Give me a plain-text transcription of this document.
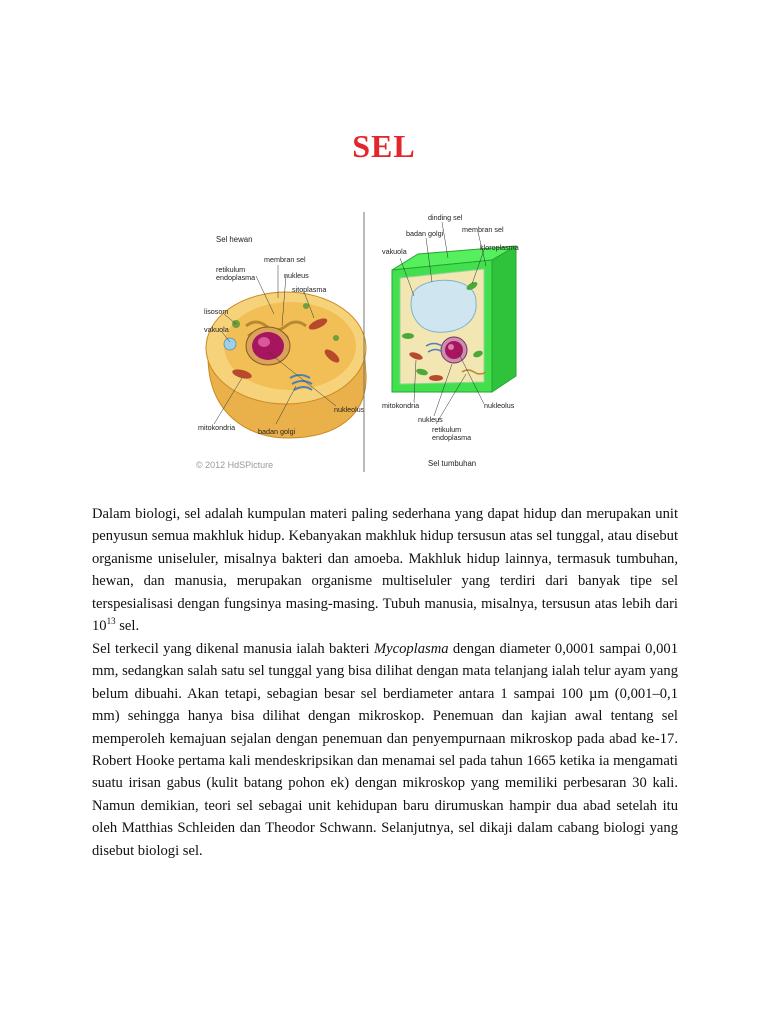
SEL
Sel hewan
membran sel
retikulum
endoplasma	nukleus
sitoplasma
lisosom
vakuola
nukleolus
mitokondria	badan golgi
© 2012 HdSPicture
dinding sel
badan golgi	membran sel
vakuola	kloroplasma
mitokondria	nukleolus
nukleus
retikulum
endoplasma
Sel tumbuhan

Dalam biologi, sel adalah kumpulan materi paling sederhana yang dapat hidup dan merupakan unit penyusun semua makhluk hidup. Kebanyakan makhluk hidup tersusun atas sel tunggal, atau disebut organisme uniseluler, misalnya bakteri dan amoeba. Makhluk hidup lainnya, termasuk tumbuhan, hewan, dan manusia, merupakan organisme multiseluler yang terdiri dari banyak tipe sel terspesialisasi dengan fungsinya masing-masing. Tubuh manusia, misalnya, tersusun atas lebih dari $10^{13}$ sel.

Sel terkecil yang dikenal manusia ialah bakteri Mycoplasma dengan diameter 0,0001 sampai 0,001 mm, sedangkan salah satu sel tunggal yang bisa dilihat dengan mata telanjang ialah telur ayam yang belum dibuahi. Akan tetapi, sebagian besar sel berdiameter antara 1 sampai 100 µm (0,001–0,1 mm) sehingga hanya bisa dilihat dengan mikroskop. Penemuan dan kajian awal tentang sel memperoleh kemajuan sejalan dengan penemuan dan penyempurnaan mikroskop pada abad ke-17. Robert Hooke pertama kali mendeskripsikan dan menamai sel pada tahun 1665 ketika ia mengamati suatu irisan gabus (kulit batang pohon ek) dengan mikroskop yang memiliki perbesaran 30 kali. Namun demikian, teori sel sebagai unit kehidupan baru dirumuskan hampir dua abad setelah itu oleh Matthias Schleiden dan Theodor Schwann. Selanjutnya, sel dikaji dalam cabang biologi yang disebut biologi sel.
